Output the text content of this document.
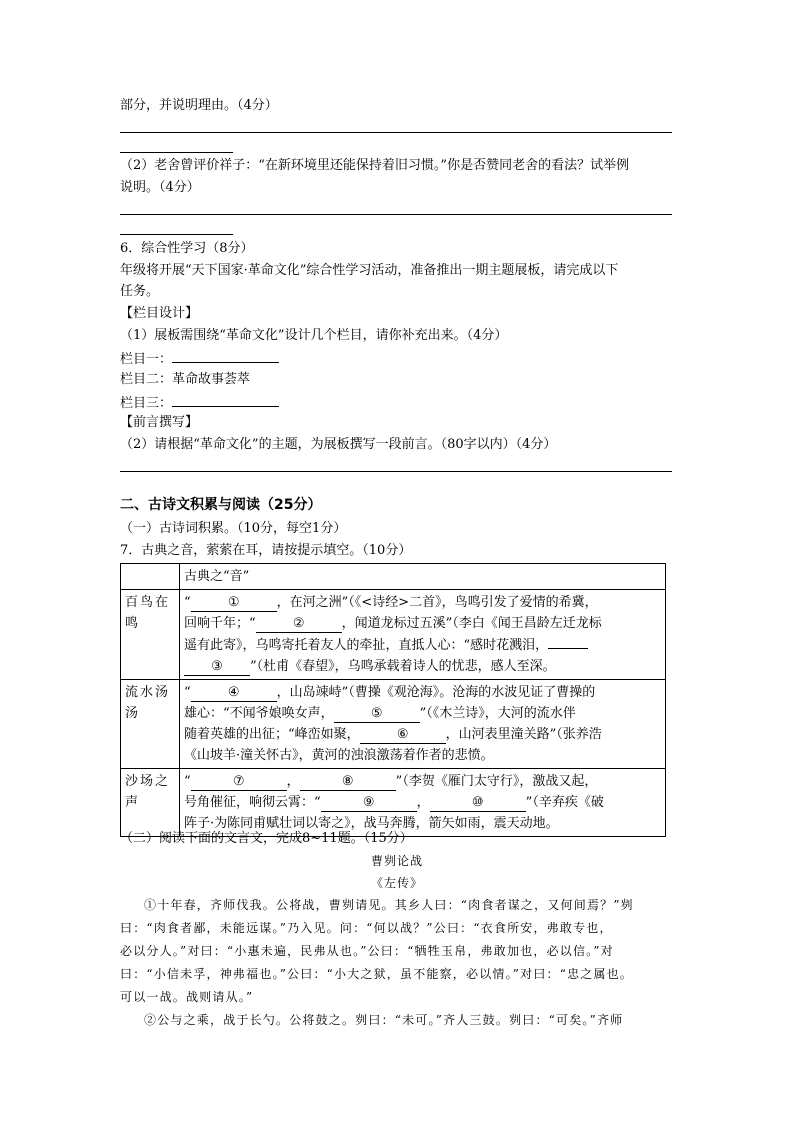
部分，并说明理由。（4分）
（2）老舍曾评价祥子：“在新环境里还能保持着旧习惯。”你是否赞同老舍的看法？试举例
说明。（4分）
6．综合性学习（8分）
年级将开展“天下国家·革命文化”综合性学习活动，准备推出一期主题展板，请完成以下
任务。
【栏目设计】
（1）展板需围绕“革命文化”设计几个栏目，请你补充出来。（4分）
栏目一：
栏目二：革命故事荟萃
栏目三：
【前言撰写】
（2）请根据“革命文化”的主题，为展板撰写一段前言。（80字以内）（4分）
二、古诗文积累与阅读（25分）
（一）古诗词积累。（10分，每空1分）
7．古典之音，萦萦在耳，请按提示填空。（10分）
	古典之“音”
百鸟在鸣	“ ① ，在河之洲”（《<诗经>二首》，鸟鸣引发了爱情的希冀，
回响千年；“ ② ，闻道龙标过五溪”（李白《闻王昌龄左迁龙标
遥有此寄》，乌鸣寄托着友人的牵扯，直抵人心：“感时花溅泪，
③ ”（杜甫《春望》，乌鸣承载着诗人的忧悲，感人至深。
流水汤汤	“ ④ ，山岛竦峙”（曹操《观沧海》。沧海的水波见证了曹操的
雄心：“不闻爷娘唤女声， ⑤ ”（《木兰诗》，大河的流水伴
随着英雄的出征；“峰峦如聚， ⑥ ，山河表里潼关路”（张养浩
《山坡羊·潼关怀古》，黄河的浊浪激荡着作者的悲愤。
沙场之声	“ ⑦ ， ⑧ ”（李贺《雁门太守行》，激战又起，
号角催征，响彻云霄：“ ⑨ ， ⑩ ”（辛弃疾《破
阵子·为陈同甫赋壮词以寄之》，战马奔腾，箭矢如雨，震天动地。
（二）阅读下面的文言文，完成8~11题。（15分）
曹刿论战
《左传》
①十年春，齐师伐我。公将战，曹刿请见。其乡人曰：“肉食者谋之，又何间焉？”刿
曰：“肉食者鄙，未能远谋。”乃入见。问：“何以战？”公曰：“衣食所安，弗敢专也，
必以分人。”对曰：“小惠未遍，民弗从也。”公曰：“牺牲玉帛，弗敢加也，必以信。”对
曰：“小信未孚，神弗福也。”公曰：“小大之狱，虽不能察，必以情。”对曰：“忠之属也。
可以一战。战则请从。”
②公与之乘，战于长勺。公将鼓之。刿曰：“未可。”齐人三鼓。刿曰：“可矣。”齐师
